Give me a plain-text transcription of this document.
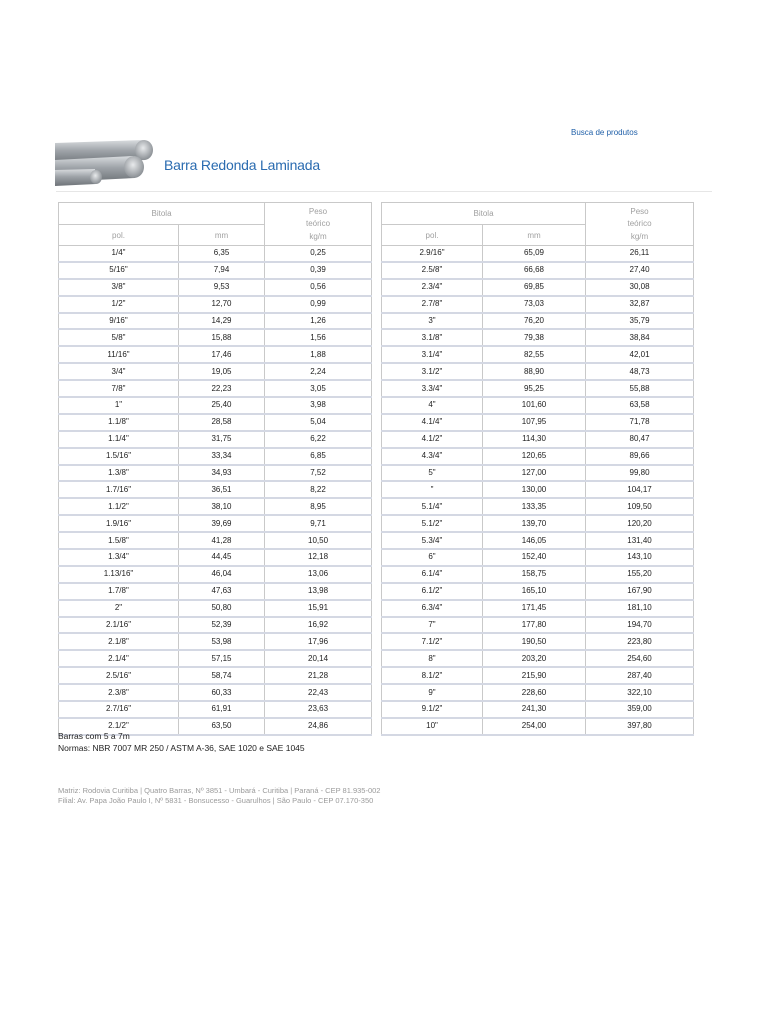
Busca de produtos
Barra Redonda Laminada
Bitola		Peso
teórico
kg/m
pol.	mm	
1/4"	6,35	0,25
5/16"	7,94	0,39
3/8"	9,53	0,56
1/2"	12,70	0,99
9/16"	14,29	1,26
5/8"	15,88	1,56
11/16"	17,46	1,88
3/4"	19,05	2,24
7/8"	22,23	3,05
1"	25,40	3,98
1.1/8"	28,58	5,04
1.1/4"	31,75	6,22
1.5/16"	33,34	6,85
1.3/8"	34,93	7,52
1.7/16"	36,51	8,22
1.1/2"	38,10	8,95
1.9/16"	39,69	9,71
1.5/8"	41,28	10,50
1.3/4"	44,45	12,18
1.13/16"	46,04	13,06
1.7/8"	47,63	13,98
2"	50,80	15,91
2.1/16"	52,39	16,92
2.1/8"	53,98	17,96
2.1/4"	57,15	20,14
2.5/16"	58,74	21,28
2.3/8"	60,33	22,43
2.7/16"	61,91	23,63
2.1/2"	63,50	24,86
Bitola		Peso
teórico
kg/m
pol.	mm	
2.9/16"	65,09	26,11
2.5/8"	66,68	27,40
2.3/4"	69,85	30,08
2.7/8"	73,03	32,87
3"	76,20	35,79
3.1/8"	79,38	38,84
3.1/4"	82,55	42,01
3.1/2"	88,90	48,73
3.3/4"	95,25	55,88
4"	101,60	63,58
4.1/4"	107,95	71,78
4.1/2"	114,30	80,47
4.3/4"	120,65	89,66
5"	127,00	99,80
"	130,00	104,17
5.1/4"	133,35	109,50
5.1/2"	139,70	120,20
5.3/4"	146,05	131,40
6"	152,40	143,10
6.1/4"	158,75	155,20
6.1/2"	165,10	167,90
6.3/4"	171,45	181,10
7"	177,80	194,70
7.1/2"	190,50	223,80
8"	203,20	254,60
8.1/2"	215,90	287,40
9"	228,60	322,10
9.1/2"	241,30	359,00
10"	254,00	397,80
Barras com 5 a 7m
Normas: NBR 7007 MR 250 / ASTM A-36, SAE 1020 e SAE 1045
Matriz: Rodovia Curitiba | Quatro Barras, Nº 3851 - Umbará - Curitiba | Paraná - CEP 81.935-002
Filial: Av. Papa João Paulo I, Nº 5831 - Bonsucesso - Guarulhos | São Paulo - CEP 07.170-350
